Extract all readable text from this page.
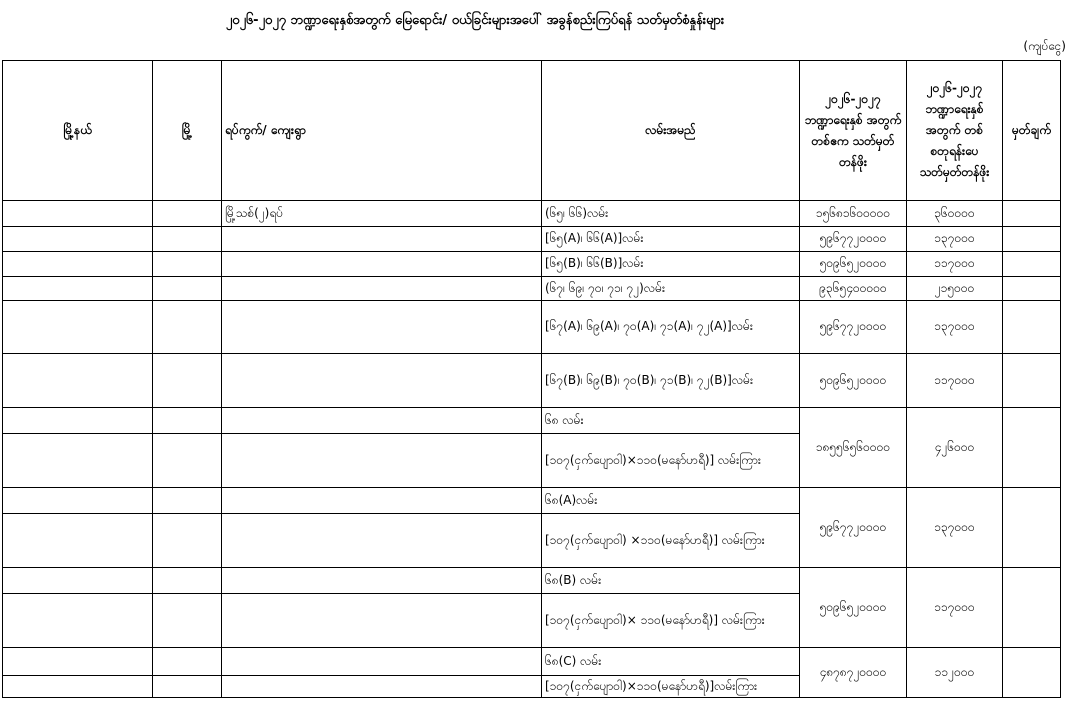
၂၀၂၆-၂၀၂၇ ဘဏ္ဍာရေးနှစ်အတွက် မြေရောင်း/ ဝယ်ခြင်းများအပေါ် အခွန်စည်းကြပ်ရန် သတ်မှတ်စံနှုန်းများ
(ကျပ်ငွေ)
မြို့နယ်	မြို့	ရပ်ကွက်/ ကျေးရွာ	လမ်းအမည်	၂၀၂၆-၂၀၂၇ ဘဏ္ဍာရေးနှစ် အတွက် တစ်ဧက သတ်မှတ်တန်ဖိုး	၂၀၂၆-၂၀၂၇ ဘဏ္ဍာရေးနှစ် အတွက် တစ်စတုရန်းပေ သတ်မှတ်တန်ဖိုး	မှတ်ချက်
		မြို့သစ်(၂)ရပ်	(၆၅၊ ၆၆)လမ်း	၁၅၆၈၁၆၀၀၀၀၀	၃၆၀၀၀၀	
			[၆၅(A)၊ ၆၆(A)]လမ်း	၅၉၆၇၇၂၀၀၀၀	၁၃၇၀၀၀	
			[၆၅(B)၊ ၆၆(B)]လမ်း	၅၀၉၆၅၂၀၀၀၀	၁၁၇၀၀၀	
			(၆၇၊ ၆၉၊ ၇၀၊ ၇၁၊ ၇၂)လမ်း	၉၃၆၅၄၀၀၀၀၀	၂၁၅၀၀၀	
			[၆၇(A)၊ ၆၉(A)၊ ၇၀(A)၊ ၇၁(A)၊ ၇၂(A)]လမ်း	၅၉၆၇၇၂၀၀၀၀	၁၃၇၀၀၀	
			[၆၇(B)၊ ၆၉(B)၊ ၇၀(B)၊ ၇၁(B)၊ ၇၂(B)]လမ်း	၅၀၉၆၅၂၀၀၀၀	၁၁၇၀၀၀	
			၆၈ လမ်း	၁၈၅၅၆၅၆၀၀၀၀	၄၂၆၀၀၀	
			[၁၀၇(ငှက်ပျောဝါ)×၁၁၀(မနော်ဟရီ)] လမ်းကြား			
			၆၈(A)လမ်း	၅၉၆၇၇၂၀၀၀၀	၁၃၇၀၀၀	
			[၁၀၇(ငှက်ပျောဝါ) ×၁၁၀(မနော်ဟရီ)] လမ်းကြား			
			၆၈(B) လမ်း	၅၀၉၆၅၂၀၀၀၀	၁၁၇၀၀၀	
			[၁၀၇(ငှက်ပျောဝါ)× ၁၁၀(မနော်ဟရီ)] လမ်းကြား			
			၆၈(C) လမ်း	၄၈၇၈၇၂၀၀၀၀	၁၁၂၀၀၀	
			[၁၀၇(ငှက်ပျောဝါ)×၁၁၀(မနော်ဟရီ)]လမ်းကြား			
